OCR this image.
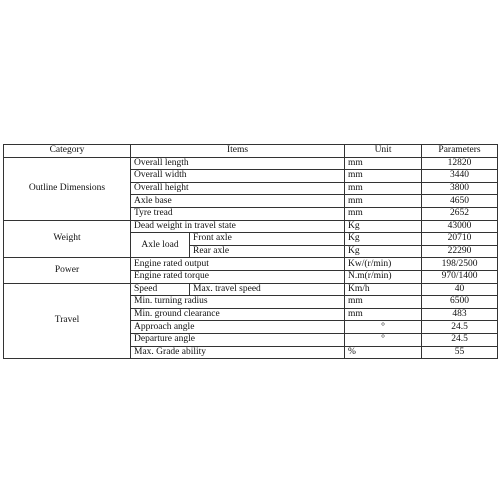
Category	Items		Unit	Parameters
Outline Dimensions	Overall length		mm	12820
	Overall width		mm	3440
	Overall height		mm	3800
	Axle base		mm	4650
	Tyre tread		mm	2652
Weight	Dead weight in travel state		Kg	43000
	Axle load	Front axle	Kg	20710
		Rear axle	Kg	22290
Power	Engine rated output		Kw/(r/min)	198/2500
	Engine rated torque		N.m(r/min)	970/1400
Travel	Speed	Max. travel speed	Km/h	40
	Min. turning radius		mm	6500
	Min. ground clearance		mm	483
	Approach angle		°	24.5
	Departure angle		°	24.5
	Max. Grade ability		%	55
